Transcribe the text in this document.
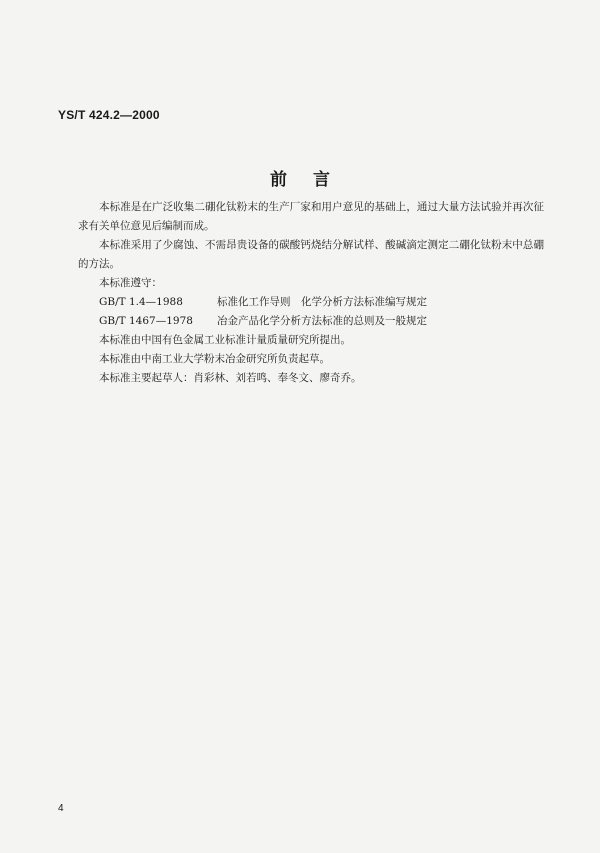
YS/T 424.2—2000
前言

本标准是在广泛收集二硼化钛粉末的生产厂家和用户意见的基础上，通过大量方法试验并再次征求有关单位意见后编制而成。

本标准采用了少腐蚀、不需昂贵设备的碳酸钙烧结分解试样、酸碱滴定测定二硼化钛粉末中总硼的方法。

本标准遵守：

GB/T 1.4—1988	标准化工作导则　化学分析方法标准编写规定

GB/T 1467—1978 冶金产品化学分析方法标准的总则及一般规定

本标准由中国有色金属工业标准计量质量研究所提出。

本标准由中南工业大学粉末冶金研究所负责起草。

本标准主要起草人：肖彩林、刘若鸣、奉冬文、廖奇乔。

4
